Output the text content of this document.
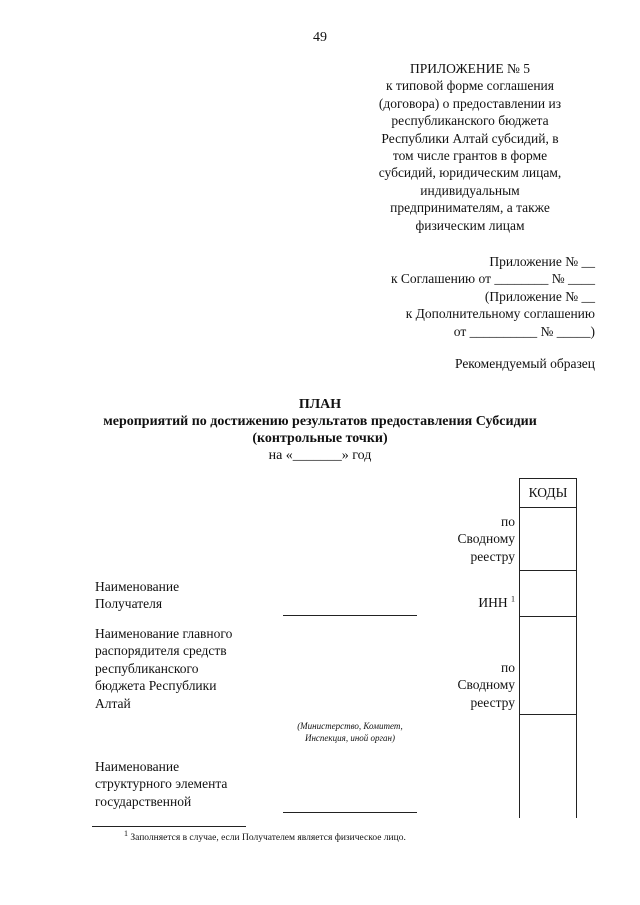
49
ПРИЛОЖЕНИЕ № 5
к типовой форме соглашения
(договора) о предоставлении из
республиканского бюджета
Республики Алтай субсидий, в
том числе грантов в форме
субсидий, юридическим лицам,
индивидуальным
предпринимателям, а также
физическим лицам
Приложение № __
к Соглашению от ________ № ____
(Приложение № __
к Дополнительному соглашению
от __________ № _____)
Рекомендуемый образец
ПЛАН
мероприятий по достижению результатов предоставления Субсидии
(контрольные точки)
на «_______» год
КОДЫ
по
Сводному
реестру
ИНН $^1$
по
Сводному
реестру
Наименование
Получателя
Наименование главного
распорядителя средств
республиканского
бюджета Республики
Алтай
Наименование
структурного элемента
государственной
(Министерство, Комитет,
Инспекция, иной орган)
$^1$ Заполняется в случае, если Получателем является физическое лицо.
